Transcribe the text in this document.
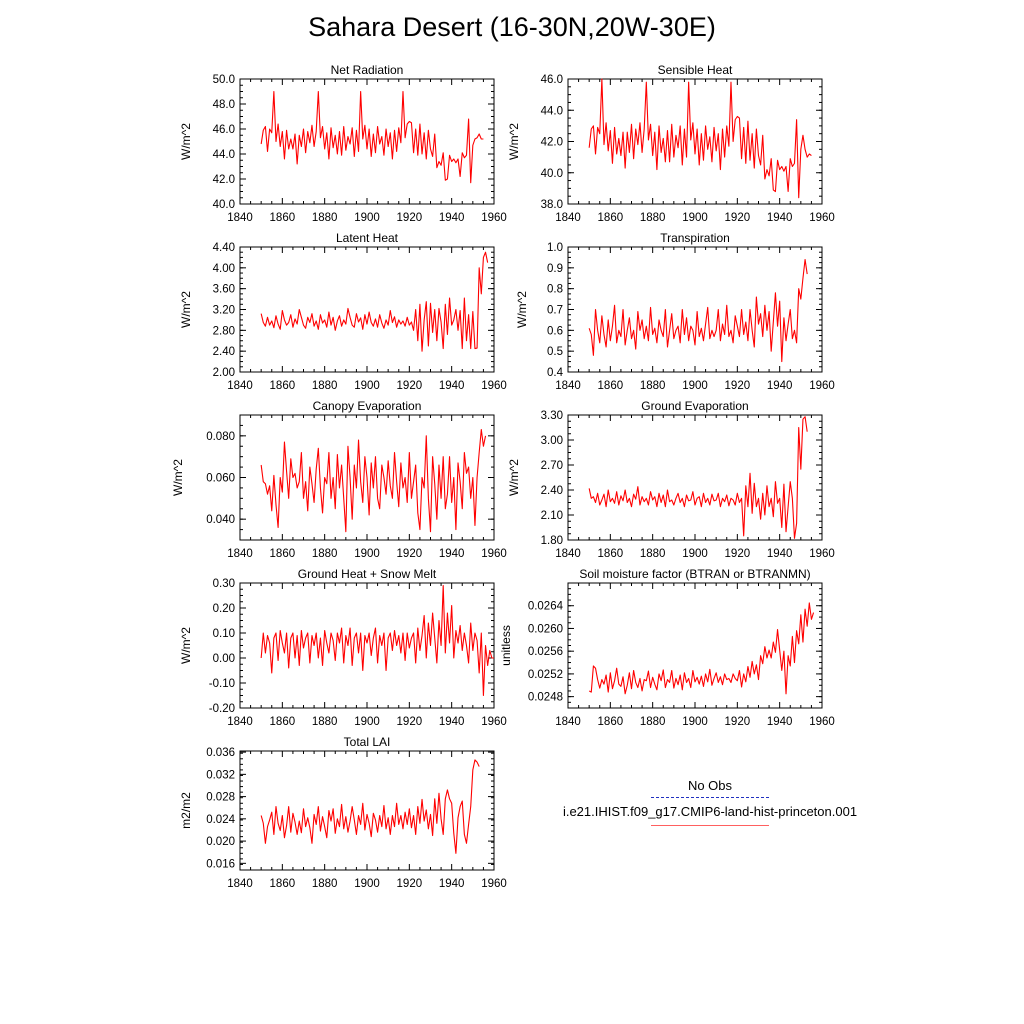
Sahara Desert (16-30N,20W-30E)
Net Radiation
W/m^2
1840 1860 1880 1900 1920 1940 1960
40.0
42.0
44.0
46.0
48.0
50.0
Sensible Heat
W/m^2
1840 1860 1880 1900 1920 1940 1960
38.0
40.0
42.0
44.0
46.0
Latent Heat
W/m^2
1840 1860 1880 1900 1920 1940 1960
2.00
2.40
2.80
3.20
3.60
4.00
4.40
Transpiration
W/m^2
1840 1860 1880 1900 1920 1940 1960
0.4
0.5
0.6
0.7
0.8
0.9
1.0
Canopy Evaporation
W/m^2
1840 1860 1880 1900 1920 1940 1960
0.040
0.060
0.080
Ground Evaporation
W/m^2
1840 1860 1880 1900 1920 1940 1960
1.80
2.10
2.40
2.70
3.00
3.30
Ground Heat + Snow Melt
W/m^2
1840 1860 1880 1900 1920 1940 1960
-0.20
-0.10
0.00
0.10
0.20
0.30
Soil moisture factor (BTRAN or BTRANMN)
unitless
1840 1860 1880 1900 1920 1940 1960
0.0248
0.0252
0.0256
0.0260
0.0264
Total LAI
m2/m2
1840 1860 1880 1900 1920 1940 1960
0.016
0.020
0.024
0.028
0.032
0.036
No Obs
i.e21.IHIST.f09_g17.CMIP6-land-hist-princeton.001
